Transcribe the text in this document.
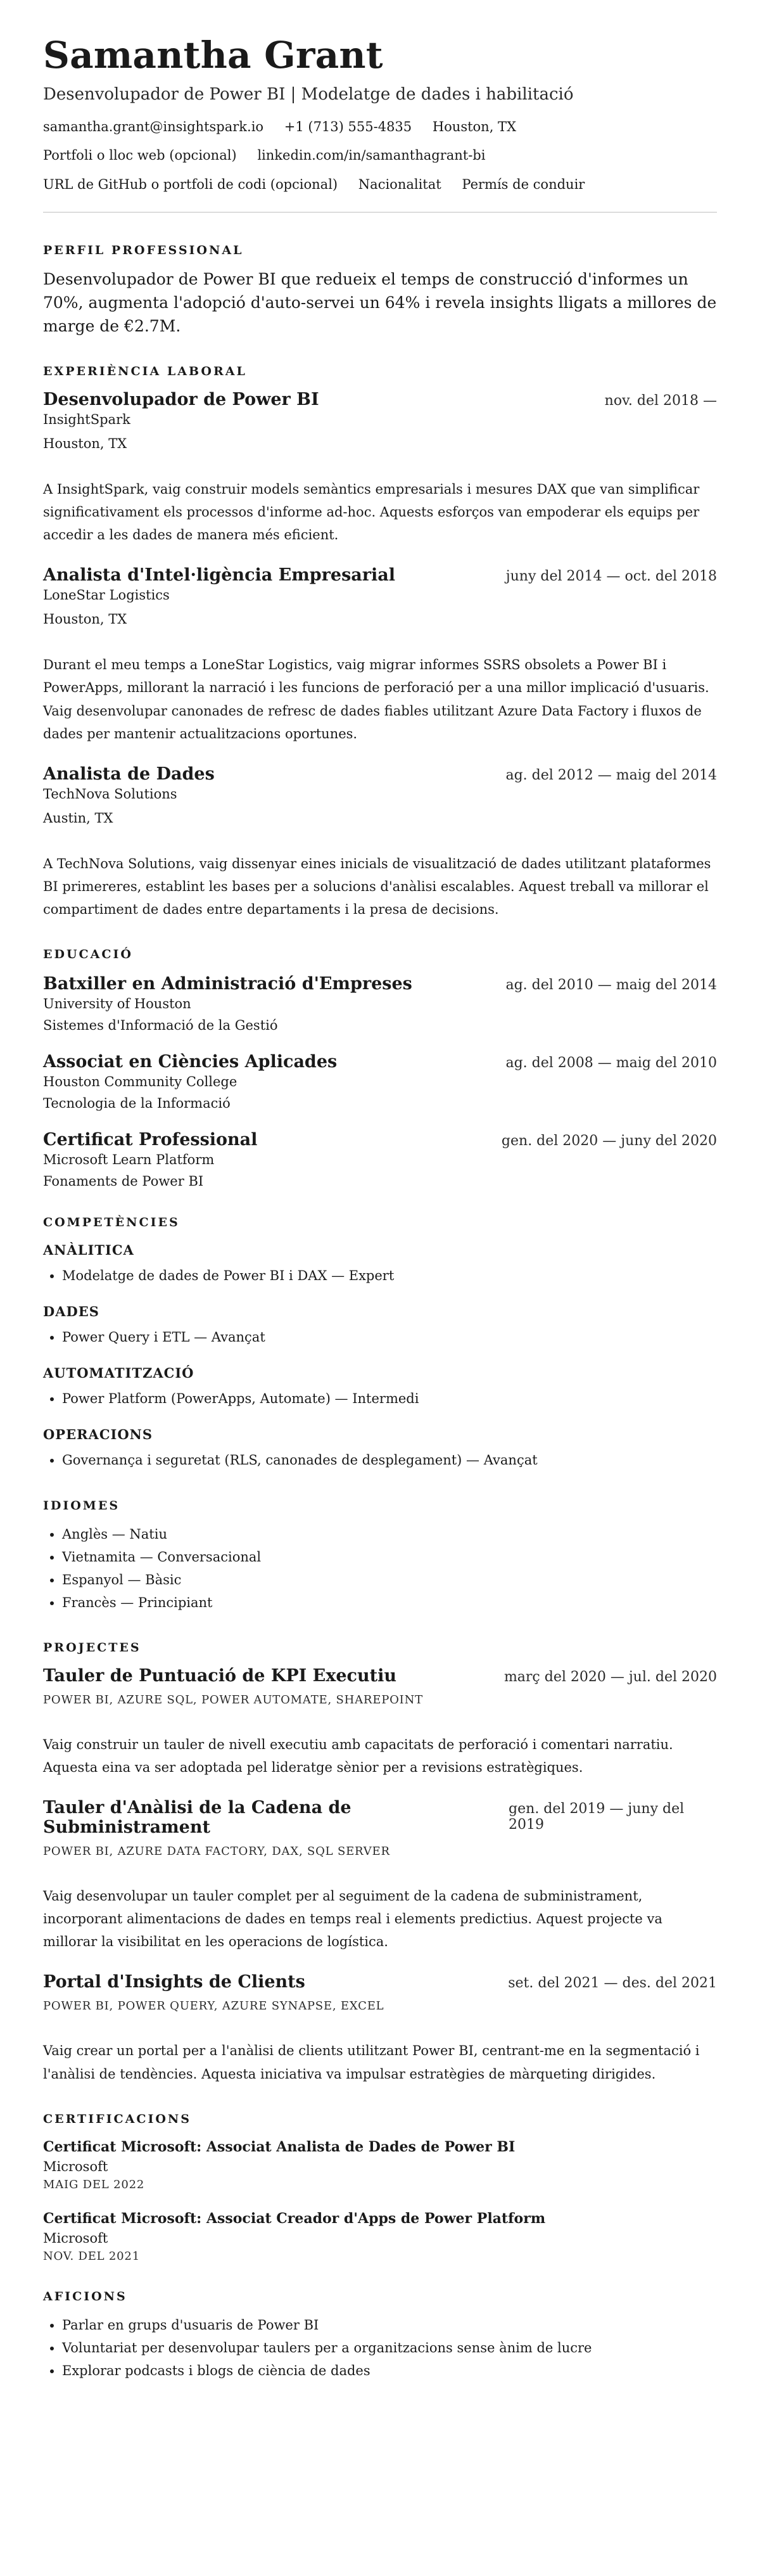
Samantha Grant
Desenvolupador de Power BI | Modelatge de dades i habilitació
samantha.grant@insightspark.io +1 (713) 555-4835 Houston, TX
Portfoli o lloc web (opcional) linkedin.com/in/samanthagrant-bi
URL de GitHub o portfoli de codi (opcional) Nacionalitat Permís de conduir
PERFIL PROFESSIONAL
Desenvolupador de Power BI que redueix el temps de construcció d'informes un 70%, augmenta l'adopció d'auto-servei un 64% i revela insights lligats a millores de marge de €2.7M.
EXPERIÈNCIA LABORAL
Desenvolupador de Power BI	nov. del 2018 —
InsightSpark
Houston, TX
A InsightSpark, vaig construir models semàntics empresarials i mesures DAX que van simplificar significativament els processos d'informe ad-hoc. Aquests esforços van empoderar els equips per accedir a les dades de manera més eficient.
Analista d'Intel·ligència Empresarial	juny del 2014 — oct. del 2018
LoneStar Logistics
Houston, TX
Durant el meu temps a LoneStar Logistics, vaig migrar informes SSRS obsolets a Power BI i PowerApps, millorant la narració i les funcions de perforació per a una millor implicació d'usuaris. Vaig desenvolupar canonades de refresc de dades fiables utilitzant Azure Data Factory i fluxos de dades per mantenir actualitzacions oportunes.
Analista de Dades	ag. del 2012 — maig del 2014
TechNova Solutions
Austin, TX
A TechNova Solutions, vaig dissenyar eines inicials de visualització de dades utilitzant plataformes BI primereres, establint les bases per a solucions d'anàlisi escalables. Aquest treball va millorar el compartiment de dades entre departaments i la presa de decisions.
EDUCACIÓ
Batxiller en Administració d'Empreses	ag. del 2010 — maig del 2014
University of Houston
Sistemes d'Informació de la Gestió
Associat en Ciències Aplicades	ag. del 2008 — maig del 2010
Houston Community College
Tecnologia de la Informació
Certificat Professional	gen. del 2020 — juny del 2020
Microsoft Learn Platform
Fonaments de Power BI
COMPETÈNCIES
ANÀLITICA
• Modelatge de dades de Power BI i DAX — Expert
DADES
• Power Query i ETL — Avançat
AUTOMATITZACIÓ
• Power Platform (PowerApps, Automate) — Intermedi
OPERACIONS
• Governança i seguretat (RLS, canonades de desplegament) — Avançat
IDIOMES
• Anglès — Natiu
• Vietnamita — Conversacional
• Espanyol — Bàsic
• Francès — Principiant
PROJECTES
Tauler de Puntuació de KPI Executiu	març del 2020 — jul. del 2020
POWER BI, AZURE SQL, POWER AUTOMATE, SHAREPOINT
Vaig construir un tauler de nivell executiu amb capacitats de perforació i comentari narratiu. Aquesta eina va ser adoptada pel lideratge sènior per a revisions estratègiques.
Tauler d'Anàlisi de la Cadena de Subministrament
gen. del 2019 — juny del 2019
POWER BI, AZURE DATA FACTORY, DAX, SQL SERVER
Vaig desenvolupar un tauler complet per al seguiment de la cadena de subministrament, incorporant alimentacions de dades en temps real i elements predictius. Aquest projecte va millorar la visibilitat en les operacions de logística.
Portal d'Insights de Clients	set. del 2021 — des. del 2021
POWER BI, POWER QUERY, AZURE SYNAPSE, EXCEL
Vaig crear un portal per a l'anàlisi de clients utilitzant Power BI, centrant-me en la segmentació i l'anàlisi de tendències. Aquesta iniciativa va impulsar estratègies de màrqueting dirigides.
CERTIFICACIONS
Certificat Microsoft: Associat Analista de Dades de Power BI
Microsoft
MAIG DEL 2022
Certificat Microsoft: Associat Creador d'Apps de Power Platform
Microsoft
NOV. DEL 2021
AFICIONS
• Parlar en grups d'usuaris de Power BI
• Voluntariat per desenvolupar taulers per a organitzacions sense ànim de lucre
• Explorar podcasts i blogs de ciència de dades
